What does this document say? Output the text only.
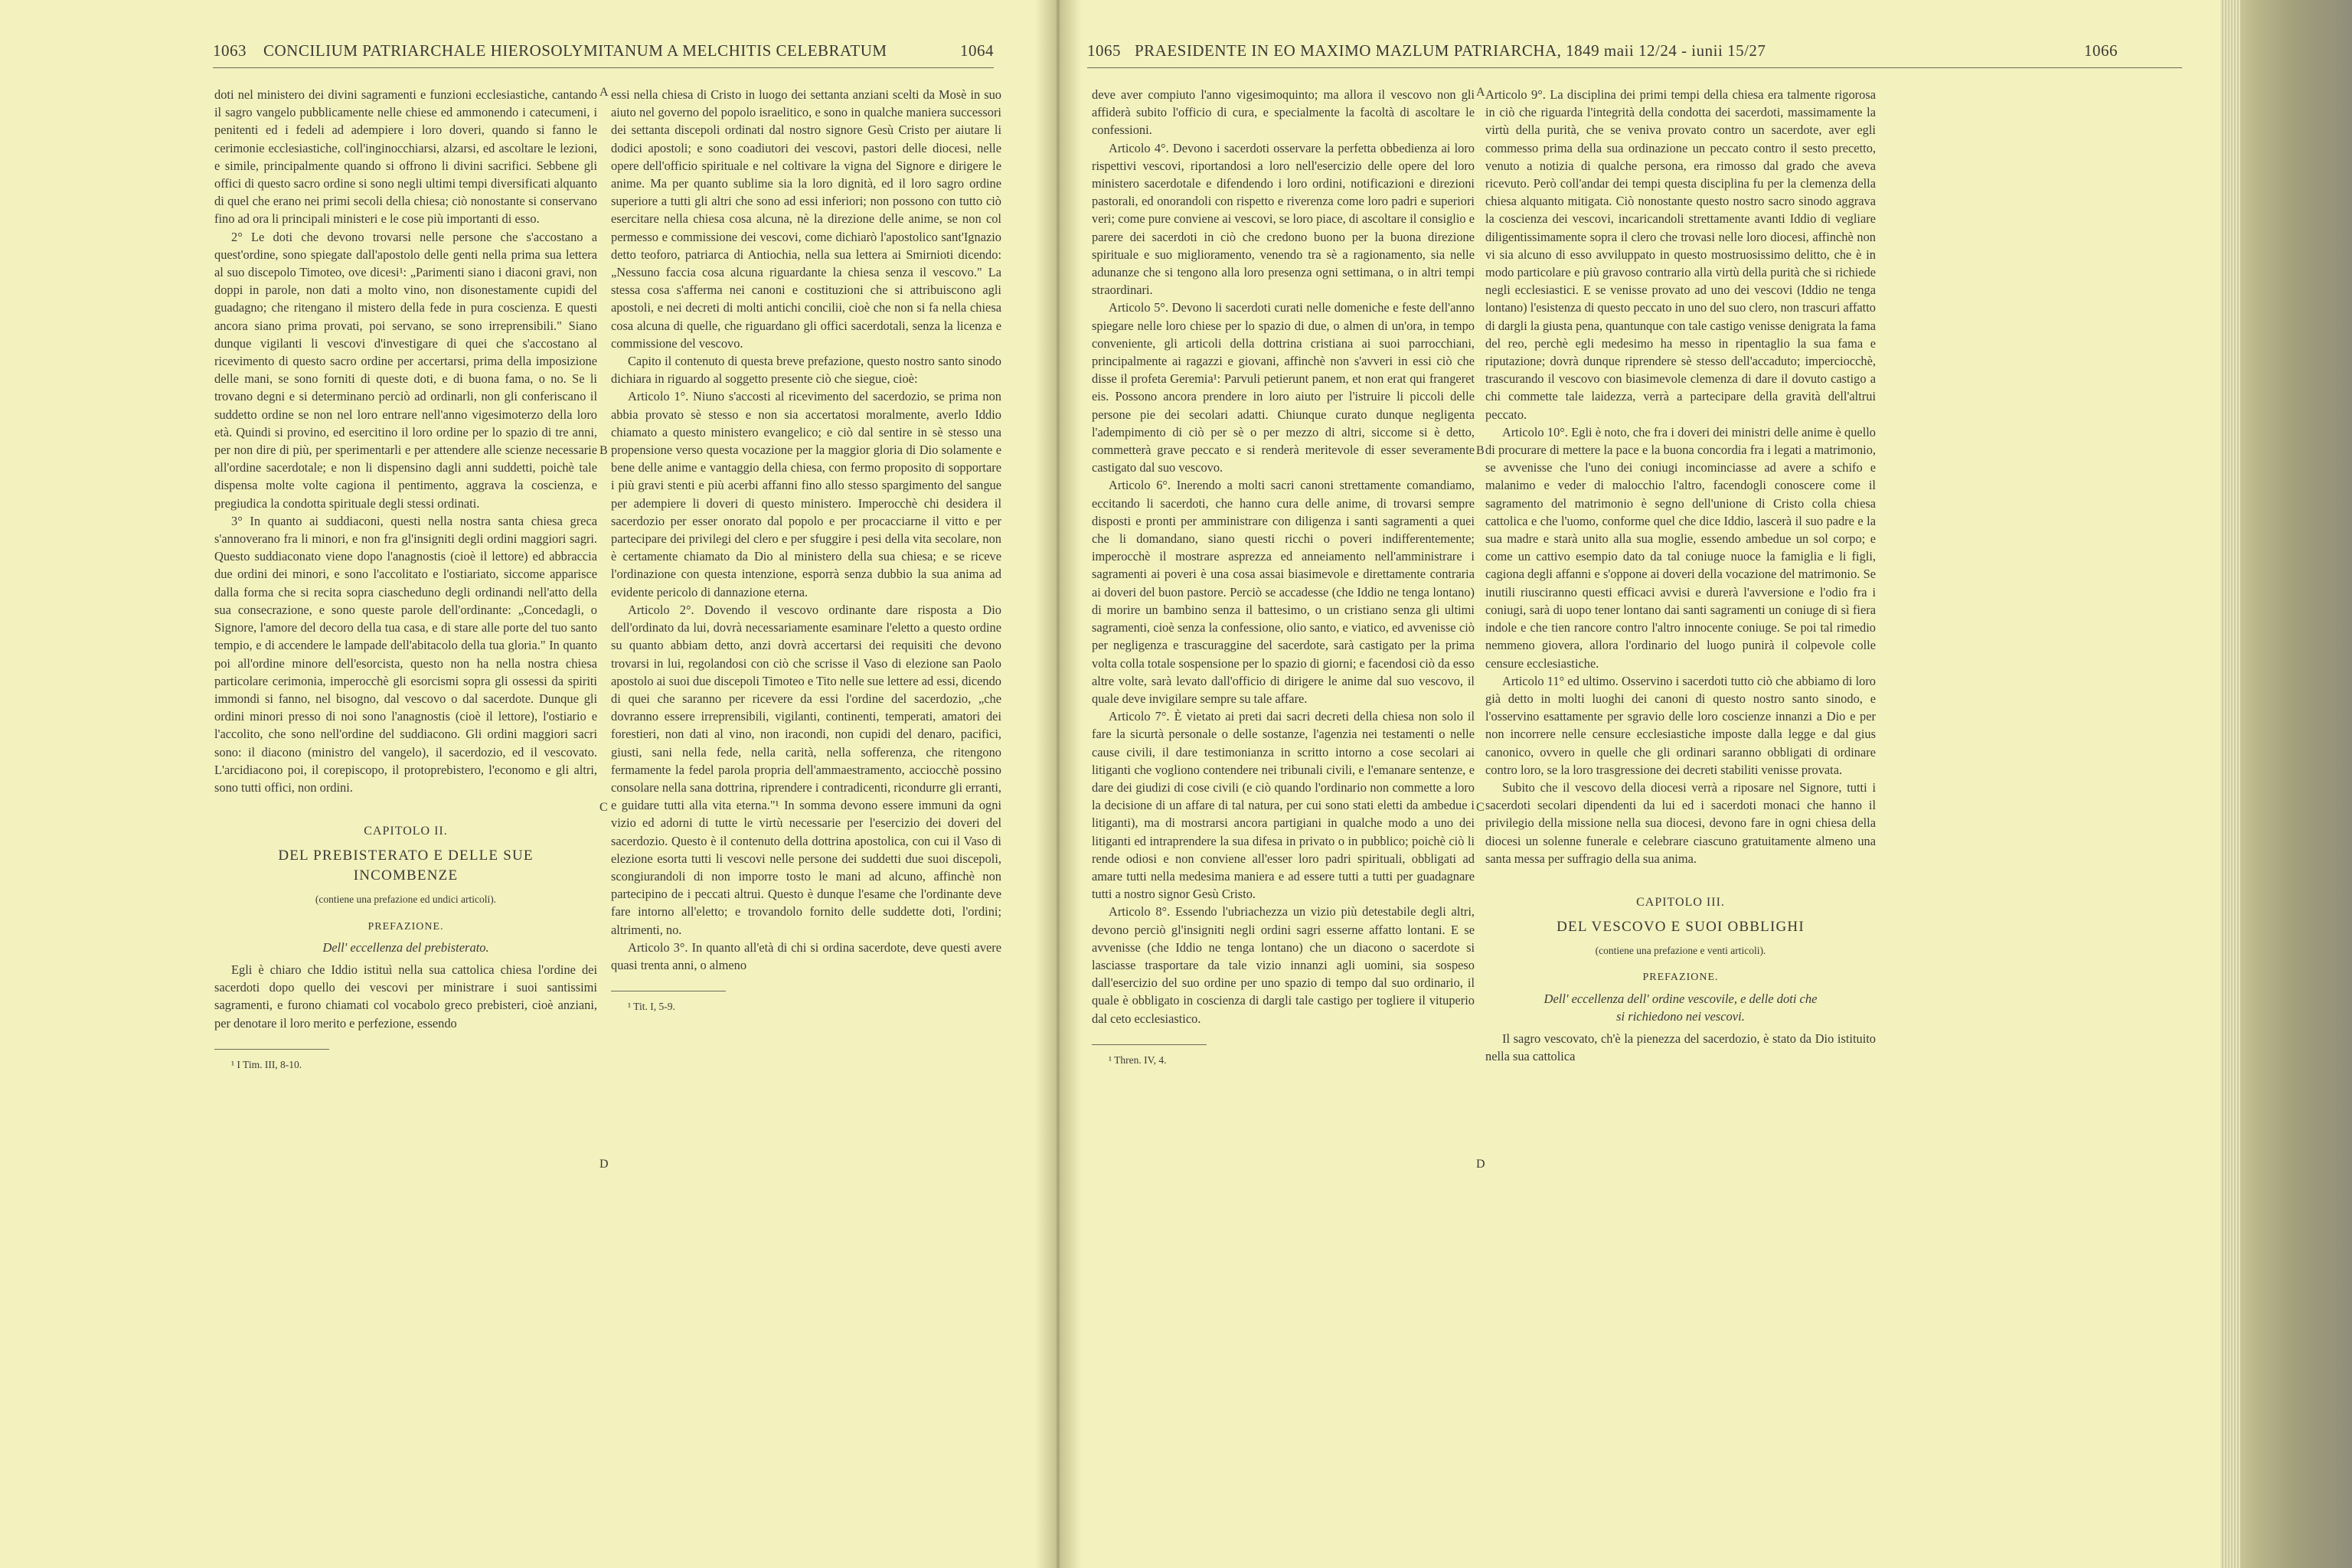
1063 CONCILIUM PATRIARCHALE HIEROSOLYMITANUM A MELCHITIS CELEBRATUM	1064

doti nel ministero dei divini sagramenti e funzioni ecclesiastiche, cantando il sagro vangelo pubblicamente nelle chiese ed ammonendo i catecumeni, i penitenti ed i fedeli ad adempiere i loro doveri, quando si fanno le cerimonie ecclesiastiche, coll'inginocchiarsi, alzarsi, ed ascoltare le lezioni, e simile, principalmente quando si offrono li divini sacrifici. Sebbene gli offici di questo sacro ordine si sono negli ultimi tempi diversificati alquanto di quel che erano nei primi secoli della chiesa; ciò nonostante si conservano fino ad ora li principali ministeri e le cose più importanti di esso.

2° Le doti che devono trovarsi nelle persone che s'accostano a quest'ordine, sono spiegate dall'apostolo delle genti nella prima sua lettera al suo discepolo Timoteo, ove dicesi¹: „Parimenti siano i diaconi gravi, non doppi in parole, non dati a molto vino, non disonestamente cupidi del guadagno; che ritengano il mistero della fede in pura coscienza. E questi ancora siano prima provati, poi servano, se sono irreprensibili." Siano dunque vigilanti li vescovi d'investigare di quei che s'accostano al ricevimento di questo sacro ordine per accertarsi, prima della imposizione delle mani, se sono forniti di queste doti, e di buona fama, o no. Se li trovano degni e si determinano perciò ad ordinarli, non gli conferiscano il suddetto ordine se non nel loro entrare nell'anno vigesimoterzo della loro età. Quindi si provino, ed esercitino il loro ordine per lo spazio di tre anni, per non dire di più, per sperimentarli e per attendere alle scienze necessarie all'ordine sacerdotale; e non li dispensino dagli anni suddetti, poichè tale dispensa molte volte cagiona il pentimento, aggrava la coscienza, e pregiudica la condotta spirituale degli stessi ordinati.

3° In quanto ai suddiaconi, questi nella nostra santa chiesa greca s'annoverano fra li minori, e non fra gl'insigniti degli ordini maggiori sagri. Questo suddiaconato viene dopo l'anagnostis (cioè il lettore) ed abbraccia due ordini dei minori, e sono l'accolitato e l'ostiariato, siccome apparisce dalla forma che si recita sopra ciascheduno degli ordinandi nell'atto della sua consecrazione, e sono queste parole dell'ordinante: „Concedagli, o Signore, l'amore del decoro della tua casa, e di stare alle porte del tuo santo tempio, e di accendere le lampade dell'abitacolo della tua gloria." In quanto poi all'ordine minore dell'esorcista, questo non ha nella nostra chiesa particolare cerimonia, imperocchè gli esorcismi sopra gli ossessi da spiriti immondi si fanno, nel bisogno, dal vescovo o dal sacerdote. Dunque gli ordini minori presso di noi sono l'anagnostis (cioè il lettore), l'ostiario e l'accolito, che sono nell'ordine del suddiacono. Gli ordini maggiori sacri sono: il diacono (ministro del vangelo), il sacerdozio, ed il vescovato. L'arcidiacono poi, il corepiscopo, il protoprebistero, l'economo e gli altri, sono tutti offici, non ordini.

CAPITOLO II.
DEL PREBISTERATO E DELLE SUE
INCOMBENZE
(contiene una prefazione ed undici articoli).
PREFAZIONE.
Dell' eccellenza del prebisterato.

Egli è chiaro che Iddio istituì nella sua cattolica chiesa l'ordine dei sacerdoti dopo quello dei vescovi per ministrare i suoi santissimi sagramenti, e furono chiamati col vocabolo greco prebisteri, cioè anziani, per denotare il loro merito e perfezione, essendo

¹ I Tim. III, 8-10.

essi nella chiesa di Cristo in luogo dei settanta anziani scelti da Mosè in suo aiuto nel governo del popolo israelitico, e sono in qualche maniera successori dei settanta discepoli ordinati dal nostro signore Gesù Cristo per aiutare li dodici apostoli; e sono coadiutori dei vescovi, pastori delle diocesi, nelle opere dell'officio spirituale e nel coltivare la vigna del Signore e dirigere le anime. Ma per quanto sublime sia la loro dignità, ed il loro sagro ordine superiore a tutti gli altri che sono ad essi inferiori; non possono con tutto ciò esercitare nella chiesa cosa alcuna, nè la direzione delle anime, se non col permesso e commissione dei vescovi, come dichiarò l'apostolico sant'Ignazio detto teoforo, patriarca di Antiochia, nella sua lettera ai Smirnioti dicendo: „Nessuno faccia cosa alcuna riguardante la chiesa senza il vescovo." La stessa cosa s'afferma nei canoni e costituzioni che si attribuiscono agli apostoli, e nei decreti di molti antichi concilii, cioè che non si fa nella chiesa cosa alcuna di quelle, che riguardano gli offici sacerdotali, senza la licenza e commissione del vescovo.

Capito il contenuto di questa breve prefazione, questo nostro santo sinodo dichiara in riguardo al soggetto presente ciò che siegue, cioè:

Articolo 1°. Niuno s'accosti al ricevimento del sacerdozio, se prima non abbia provato sè stesso e non sia accertatosi moralmente, averlo Iddio chiamato a questo ministero evangelico; e ciò dal sentire in sè stesso una propensione verso questa vocazione per la maggior gloria di Dio solamente e bene delle anime e vantaggio della chiesa, con fermo proposito di sopportare i più gravi stenti e più acerbi affanni fino allo stesso spargimento del sangue per adempiere li doveri di questo ministero. Imperocchè chi desidera il sacerdozio per esser onorato dal popolo e per procacciarne il vitto e per partecipare dei privilegi del clero e per sfuggire i pesi della vita secolare, non è certamente chiamato da Dio al ministero della sua chiesa; e se riceve l'ordinazione con questa intenzione, esporrà senza dubbio la sua anima ad evidente pericolo di dannazione eterna.

Articolo 2°. Dovendo il vescovo ordinante dare risposta a Dio dell'ordinato da lui, dovrà necessariamente esaminare l'eletto a questo ordine su quanto abbiam detto, anzi dovrà accertarsi dei requisiti che devono trovarsi in lui, regolandosi con ciò che scrisse il Vaso di elezione san Paolo apostolo ai suoi due discepoli Timoteo e Tito nelle sue lettere ad essi, dicendo di quei che saranno per ricevere da essi l'ordine del sacerdozio, „che dovranno essere irreprensibili, vigilanti, continenti, temperati, amatori dei forestieri, non dati al vino, non iracondi, non cupidi del denaro, pacifici, giusti, sani nella fede, nella carità, nella sofferenza, che ritengono fermamente la fedel parola propria dell'ammaestramento, acciocchè possino consolare nella sana dottrina, riprendere i contradicenti, ricondurre gli erranti, e guidare tutti alla vita eterna."¹ In somma devono essere immuni da ogni vizio ed adorni di tutte le virtù necessarie per l'esercizio dei doveri del sacerdozio. Questo è il contenuto della dottrina apostolica, con cui il Vaso di elezione esorta tutti li vescovi nelle persone dei suddetti due suoi discepoli, scongiurandoli di non imporre tosto le mani ad alcuno, affinchè non partecipino de i peccati altrui. Questo è dunque l'esame che l'ordinante deve fare intorno all'eletto; e trovandolo fornito delle suddette doti, l'ordini; altrimenti, no.

Articolo 3°. In quanto all'età di chi si ordina sacerdote, deve questi avere quasi trenta anni, o almeno

¹ Tit. I, 5-9.

A
B
C
D
1065 PRAESIDENTE IN EO MAXIMO MAZLUM PATRIARCHA, 1849 maii 12/24 - iunii 15/27	1066

deve aver compiuto l'anno vigesimoquinto; ma allora il vescovo non gli affiderà subito l'officio di cura, e specialmente la facoltà di ascoltare le confessioni.

Articolo 4°. Devono i sacerdoti osservare la perfetta obbedienza ai loro rispettivi vescovi, riportandosi a loro nell'esercizio delle opere del loro ministero sacerdotale e difendendo i loro ordini, notificazioni e direzioni pastorali, ed onorandoli con rispetto e riverenza come loro padri e superiori veri; come pure conviene ai vescovi, se loro piace, di ascoltare il consiglio e parere dei sacerdoti in ciò che credono buono per la buona direzione spirituale e suo miglioramento, venendo tra sè a ragionamento, sia nelle adunanze che si tengono alla loro presenza ogni settimana, o in altri tempi straordinari.

Articolo 5°. Devono li sacerdoti curati nelle domeniche e feste dell'anno spiegare nelle loro chiese per lo spazio di due, o almen di un'ora, in tempo conveniente, gli articoli della dottrina cristiana ai suoi parrocchiani, principalmente ai ragazzi e giovani, affinchè non s'avveri in essi ciò che disse il profeta Geremia¹: Parvuli petierunt panem, et non erat qui frangeret eis. Possono ancora prendere in loro aiuto per l'istruire li piccoli delle persone pie dei secolari adatti. Chiunque curato dunque negligenta l'adempimento di ciò per sè o per mezzo di altri, siccome si è detto, commetterà grave peccato e si renderà meritevole di esser severamente castigato dal suo vescovo.

Articolo 6°. Inerendo a molti sacri canoni strettamente comandiamo, eccitando li sacerdoti, che hanno cura delle anime, di trovarsi sempre disposti e pronti per amministrare con diligenza i santi sagramenti a quei che li domandano, siano questi ricchi o poveri indifferentemente; imperocchè il mostrare asprezza ed anneiamento nell'amministrare i sagramenti ai poveri è una cosa assai biasimevole e direttamente contraria ai doveri del buon pastore. Perciò se accadesse (che Iddio ne tenga lontano) di morire un bambino senza il battesimo, o un cristiano senza gli ultimi sagramenti, cioè senza la confessione, olio santo, e viatico, ed avvenisse ciò per negligenza e trascuraggine del sacerdote, sarà castigato per la prima volta colla totale sospensione per lo spazio di giorni; e facendosi ciò da esso altre volte, sarà levato dall'officio di dirigere le anime dal suo vescovo, il quale deve invigilare sempre su tale affare.

Articolo 7°. È vietato ai preti dai sacri decreti della chiesa non solo il fare la sicurtà personale o delle sostanze, l'agenzia nei testamenti o nelle cause civili, il dare testimonianza in scritto intorno a cose secolari ai litiganti che vogliono contendere nei tribunali civili, e l'emanare sentenze, e dare dei giudizi di cose civili (e ciò quando l'ordinario non commette a loro la decisione di un affare di tal natura, per cui sono stati eletti da ambedue i litiganti), ma di mostrarsi ancora partigiani in qualche modo a uno dei litiganti ed intraprendere la sua difesa in privato o in pubblico; poichè ciò li rende odiosi e non conviene all'esser loro padri spirituali, obbligati ad amare tutti nella medesima maniera e ad essere tutti a tutti per guadagnare tutti a nostro signor Gesù Cristo.

Articolo 8°. Essendo l'ubriachezza un vizio più detestabile degli altri, devono perciò gl'insigniti negli ordini sagri esserne affatto lontani. E se avvenisse (che Iddio ne tenga lontano) che un diacono o sacerdote si lasciasse trasportare da tale vizio innanzi agli uomini, sia sospeso dall'esercizio del suo ordine per uno spazio di tempo dal suo ordinario, il quale è obbligato in coscienza di dargli tale castigo per togliere il vituperio dal ceto ecclesiastico.

¹ Thren. IV, 4.

Articolo 9°. La disciplina dei primi tempi della chiesa era talmente rigorosa in ciò che riguarda l'integrità della condotta dei sacerdoti, massimamente la virtù della purità, che se veniva provato contro un sacerdote, aver egli commesso prima della sua ordinazione un peccato contro il sesto precetto, venuto a notizia di qualche persona, era rimosso dal grado che aveva ricevuto. Però coll'andar dei tempi questa disciplina fu per la clemenza della chiesa alquanto mitigata. Ciò nonostante questo nostro sacro sinodo aggrava la coscienza dei vescovi, incaricandoli strettamente avanti Iddio di vegliare diligentissimamente sopra il clero che trovasi nelle loro diocesi, affinchè non vi sia alcuno di esso avviluppato in questo mostruosissimo delitto, che è in modo particolare e più gravoso contrario alla virtù della purità che si richiede negli ecclesiastici. E se venisse provato ad uno dei vescovi (Iddio ne tenga lontano) l'esistenza di questo peccato in uno del suo clero, non trascuri affatto di dargli la giusta pena, quantunque con tale castigo venisse denigrata la fama del reo, perchè egli medesimo ha messo in ripentaglio la sua fama e riputazione; dovrà dunque riprendere sè stesso dell'accaduto; imperciocchè, trascurando il vescovo con biasimevole clemenza di dare il dovuto castigo a chi commette tale laidezza, verrà a partecipare della gravità dell'altrui peccato.

Articolo 10°. Egli è noto, che fra i doveri dei ministri delle anime è quello di procurare di mettere la pace e la buona concordia fra i legati a matrimonio, se avvenisse che l'uno dei coniugi incominciasse ad avere a schifo e malanimo e veder di malocchio l'altro, facendogli conoscere come il sagramento del matrimonio è segno dell'unione di Cristo colla chiesa cattolica e che l'uomo, conforme quel che dice Iddio, lascerà il suo padre e la sua madre e starà unito alla sua moglie, essendo ambedue un sol corpo; e come un cattivo esempio dato da tal coniuge nuoce la famiglia e li figli, cagiona degli affanni e s'oppone ai doveri della vocazione del matrimonio. Se inutili riusciranno questi efficaci avvisi e durerà l'avversione e l'odio fra i coniugi, sarà di uopo tener lontano dai santi sagramenti un coniuge di sì fiera indole e che tien rancore contro l'altro innocente coniuge. Se poi tal rimedio nemmeno giovera, allora l'ordinario del luogo punirà il colpevole colle censure ecclesiastiche.

Articolo 11° ed ultimo. Osservino i sacerdoti tutto ciò che abbiamo di loro già detto in molti luoghi dei canoni di questo nostro santo sinodo, e l'osservino esattamente per sgravio delle loro coscienze innanzi a Dio e per non incorrere nelle censure ecclesiastiche imposte dalla legge e dal gius canonico, ovvero in quelle che gli ordinari saranno obbligati di ordinare contro loro, se la loro trasgressione dei decreti stabiliti venisse provata.

Subito che il vescovo della diocesi verrà a riposare nel Signore, tutti i sacerdoti secolari dipendenti da lui ed i sacerdoti monaci che hanno il privilegio della missione nella sua diocesi, devono fare in ogni chiesa della diocesi un solenne funerale e celebrare ciascuno gratuitamente almeno una santa messa per suffragio della sua anima.

CAPITOLO III.
DEL VESCOVO E SUOI OBBLIGHI
(contiene una prefazione e venti articoli).
PREFAZIONE.
Dell' eccellenza dell' ordine vescovile, e delle doti che
si richiedono nei vescovi.

Il sagro vescovato, ch'è la pienezza del sacerdozio, è stato da Dio istituito nella sua cattolica

A
B
C
D
